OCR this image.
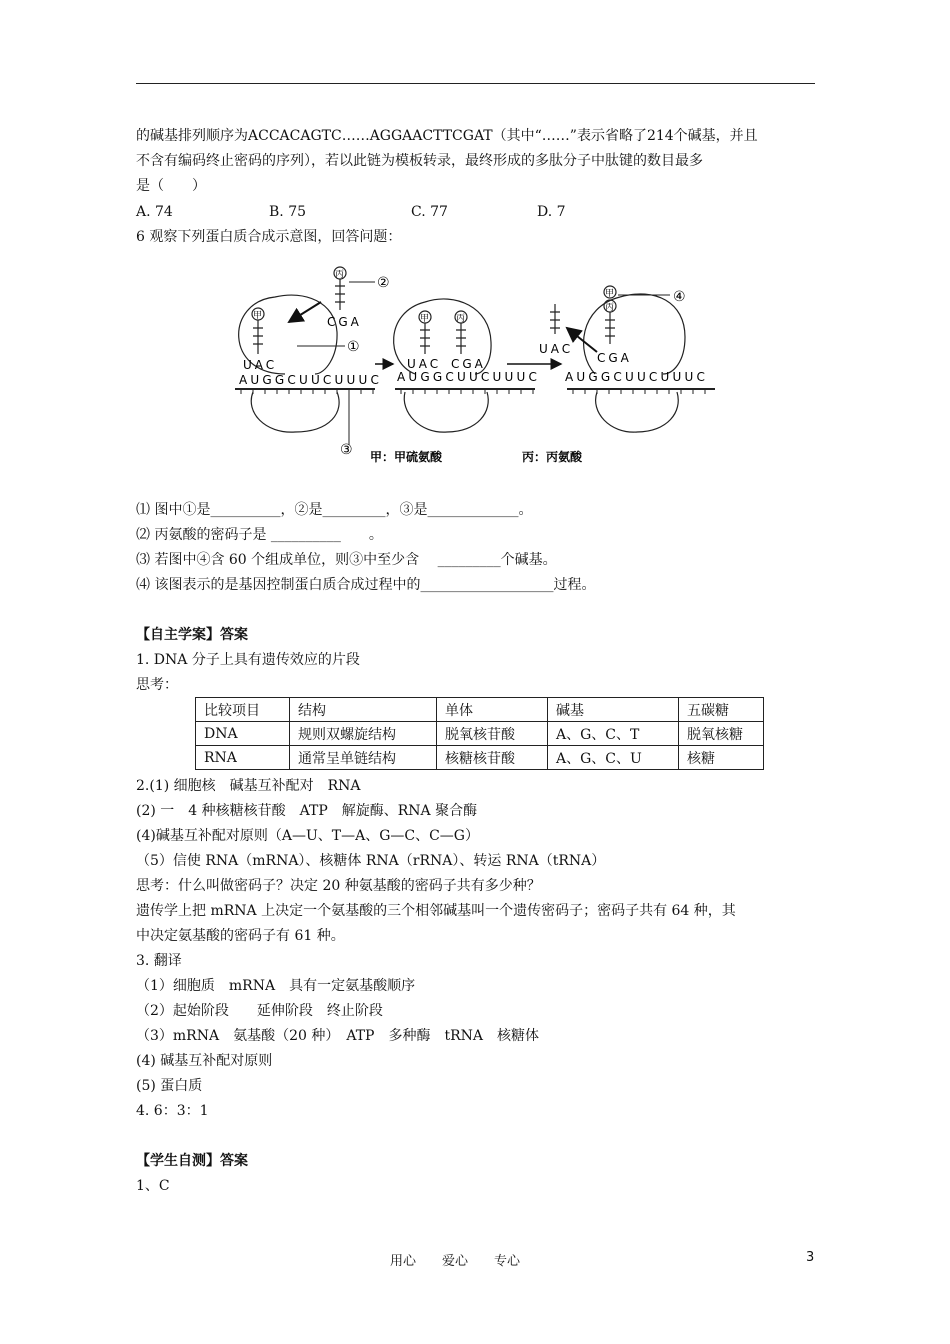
的碱基排列顺序为ACCACAGTC……AGGAACTTCGAT（其中“……”表示省略了214个碱基，并且
不含有编码终止密码的序列），若以此链为模板转录，最终形成的多肽分子中肽键的数目最多
是（　　）
A. 74	B. 75	C. 77	D. 7
6 观察下列蛋白质合成示意图，回答问题：
AUGGCUUCUUUC
甲
UAC
丙
CGA
②
①
③
AUGGCUUCUUUC
甲	丙
UAC CGA
AUGGCUUCUUUC
UAC
甲
丙
CGA
④
甲：甲硫氨酸	丙：丙氨酸
⑴ 图中①是__________，②是_________，③是_____________。
⑵ 丙氨酸的密码子是 __________　　。
⑶ 若图中④含 60 个组成单位，则③中至少含　 _________个碱基。
⑷ 该图表示的是基因控制蛋白质合成过程中的___________________过程。
【自主学案】答案
1. DNA 分子上具有遗传效应的片段
思考：
比较项目	结构	单体	碱基	五碳糖
DNA	规则双螺旋结构	脱氧核苷酸	A、G、C、T	脱氧核糖
RNA	通常呈单链结构	核糖核苷酸	A、G、C、U	核糖
2.(1) 细胞核　碱基互补配对　RNA
(2) 一　4 种核糖核苷酸　ATP　解旋酶、RNA 聚合酶
(4)碱基互补配对原则（A—U、T—A、G—C、C—G）
（5）信使 RNA（mRNA）、核糖体 RNA（rRNA）、转运 RNA（tRNA）
思考：什么叫做密码子？决定 20 种氨基酸的密码子共有多少种？
遗传学上把 mRNA 上决定一个氨基酸的三个相邻碱基叫一个遗传密码子；密码子共有 64 种，其
中决定氨基酸的密码子有 61 种。
3. 翻译
（1）细胞质　mRNA　具有一定氨基酸顺序
（2）起始阶段　　延伸阶段　终止阶段
（3）mRNA　氨基酸（20 种）　ATP　多种酶　tRNA　核糖体
(4) 碱基互补配对原则
(5) 蛋白质
4. 6：3：1
【学生自测】答案
1、C
用心 爱心 专心	3
